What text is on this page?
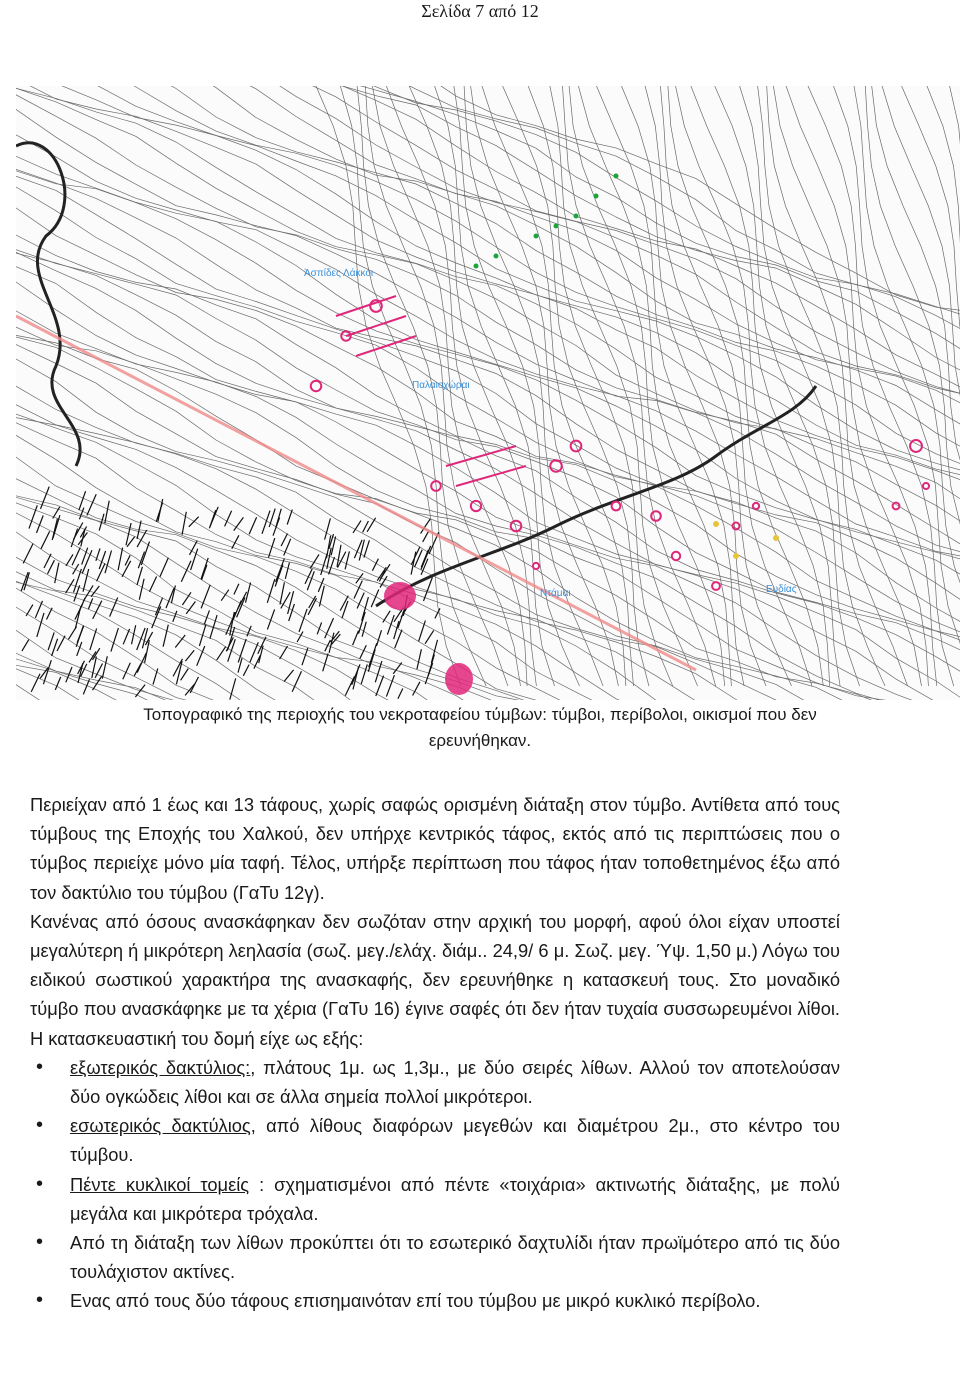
Σελίδα 7 από 12
Ἀσπίδες Λάκκοι
Παλαιοχώραι
Ντάμαι	Ευδίας
Τοπογραφικό της περιοχής του νεκροταφείου τύμβων: τύμβοι, περίβολοι, οικισμοί που δεν ερευνήθηκαν.

Περιείχαν από 1 έως και 13 τάφους, χωρίς σαφώς ορισμένη διάταξη στον τύμβο. Αντίθετα από τους τύμβους της Εποχής του Χαλκού, δεν υπήρχε κεντρικός τάφος, εκτός από τις περιπτώσεις που ο τύμβος περιείχε μόνο μία ταφή. Τέλος, υπήρξε περίπτωση που τάφος ήταν τοποθετημένος έξω από τον δακτύλιο του τύμβου (ΓαΤυ 12γ).

Κανένας από όσους ανασκάφηκαν δεν σωζόταν στην αρχική του μορφή, αφού όλοι είχαν υποστεί μεγαλύτερη ή μικρότερη λεηλασία (σωζ. μεγ./ελάχ. διάμ.. 24,9/ 6 μ. Σωζ. μεγ. Ύψ. 1,50 μ.) Λόγω του ειδικού σωστικού χαρακτήρα της ανασκαφής, δεν ερευνήθηκε η κατασκευή τους. Στο μοναδικό τύμβο που ανασκάφηκε με τα χέρια (ΓαΤυ 16) έγινε σαφές ότι δεν ήταν τυχαία συσσωρευμένοι λίθοι. Η κατασκευαστική του δομή είχε ως εξής:

• εξωτερικός δακτύλιος:, πλάτους 1μ. ως 1,3μ., με δύο σειρές λίθων. Αλλού τον αποτελούσαν δύο ογκώδεις λίθοι και σε άλλα σημεία πολλοί μικρότεροι.
• εσωτερικός δακτύλιος, από λίθους διαφόρων μεγεθών και διαμέτρου 2μ., στο κέντρο του τύμβου.
• Πέντε κυκλικοί τομείς : σχηματισμένοι από πέντε «τοιχάρια» ακτινωτής διάταξης, με πολύ μεγάλα και μικρότερα τρόχαλα.
• Από τη διάταξη των λίθων προκύπτει ότι το εσωτερικό δαχτυλίδι ήταν πρωϊμότερο από τις δύο τουλάχιστον ακτίνες.
• Ενας από τους δύο τάφους επισημαινόταν επί του τύμβου με μικρό κυκλικό περίβολο.
